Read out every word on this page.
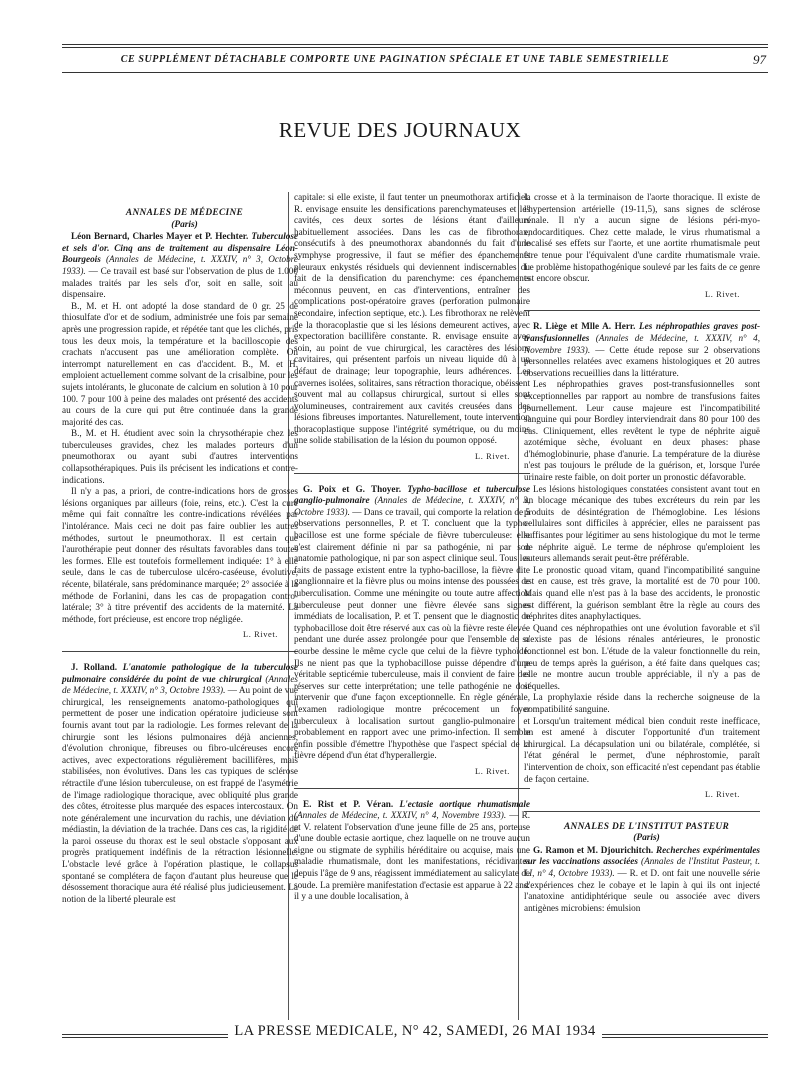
CE SUPPLÉMENT DÉTACHABLE COMPORTE UNE PAGINATION SPÉCIALE ET UNE TABLE SEMESTRIELLE	97
REVUE DES JOURNAUX

ANNALES DE MÉDECINE

(Paris)

Léon Bernard, Charles Mayer et P. Hechter. Tuberculose et sels d'or. Cinq ans de traitement au dispensaire Léon-Bourgeois (Annales de Médecine, t. XXXIV, n° 3, Octobre 1933). — Ce travail est basé sur l'observation de plus de 1.000 malades traités par les sels d'or, soit en salle, soit au dispensaire.

B., M. et H. ont adopté la dose standard de 0 gr. 25 de thiosulfate d'or et de sodium, administrée une fois par semaine après une progression rapide, et répétée tant que les clichés, pris tous les deux mois, la température et la bacilloscopie des crachats n'accusent pas une amélioration complète. On interrompt naturellement en cas d'accident. B., M. et H. emploient actuellement comme solvant de la crisalbine, pour les sujets intolérants, le gluconate de calcium en solution à 10 pour 100. 7 pour 100 à peine des malades ont présenté des accidents au cours de la cure qui put être continuée dans la grande majorité des cas.

B., M. et H. étudient avec soin la chrysothérapie chez les tuberculeuses gravides, chez les malades porteurs d'un pneumothorax ou ayant subi d'autres interventions collapsothérapiques. Puis ils précisent les indications et contre-indications.

Il n'y a pas, a priori, de contre-indications hors de grosses lésions organiques par ailleurs (foie, reins, etc.). C'est la cure même qui fait connaître les contre-indications révélées par l'intolérance. Mais ceci ne doit pas faire oublier les autres méthodes, surtout le pneumothorax. Il est certain que l'aurothérapie peut donner des résultats favorables dans toutes les formes. Elle est toutefois formellement indiquée: 1° à elle seule, dans le cas de tuberculose ulcéro-caséeuse, évolutive, récente, bilatérale, sans prédominance marquée; 2° associée à la méthode de Forlanini, dans les cas de propagation contro-latérale; 3° à titre préventif des accidents de la maternité. La méthode, fort précieuse, est encore trop négligée.

L. Rivet.

J. Rolland. L'anatomie pathologique de la tuberculose pulmonaire considérée du point de vue chirurgical (Annales de Médecine, t. XXXIV, n° 3, Octobre 1933). — Au point de vue chirurgical, les renseignements anatomo-pathologiques qui permettent de poser une indication opératoire judicieuse sont fournis avant tout par la radiologie. Les formes relevant de la chirurgie sont les lésions pulmonaires déjà anciennes, d'évolution chronique, fibreuses ou fibro-ulcéreuses encore actives, avec expectorations régulièrement bacillifères, mais stabilisées, non évolutives. Dans les cas typiques de sclérose rétractile d'une lésion tuberculeuse, on est frappé de l'asymétrie de l'image radiologique thoracique, avec obliquité plus grande des côtes, étroitesse plus marquée des espaces intercostaux. On note généralement une incurvation du rachis, une déviation du médiastin, la déviation de la trachée. Dans ces cas, la rigidité de la paroi osseuse du thorax est le seul obstacle s'opposant aux progrès pratiquement indéfinis de la rétraction lésionnelle. L'obstacle levé grâce à l'opération plastique, le collapsus spontané se complétera de façon d'autant plus heureuse que le désossement thoracique aura été réalisé plus judicieusement. La notion de la liberté pleurale est

capitale: si elle existe, il faut tenter un pneumothorax artificiel. R. envisage ensuite les densifications parenchymateuses et les cavités, ces deux sortes de lésions étant d'ailleurs habituellement associées. Dans les cas de fibrothorax, consécutifs à des pneumothorax abandonnés du fait d'une symphyse progressive, il faut se méfier des épanchements pleuraux enkystés résiduels qui deviennent indiscernables du fait de la densification du parenchyme: ces épanchements méconnus peuvent, en cas d'interventions, entraîner des complications post-opératoire graves (perforation pulmonaire secondaire, infection septique, etc.). Les fibrothorax ne relèvent de la thoracoplastie que si les lésions demeurent actives, avec expectoration bacillifère constante. R. envisage ensuite avec soin, au point de vue chirurgical, les caractères des lésions cavitaires, qui présentent parfois un niveau liquide dû à un défaut de drainage; leur topographie, leurs adhérences. Les cavernes isolées, solitaires, sans rétraction thoracique, obéissent souvent mal au collapsus chirurgical, surtout si elles sont volumineuses, contrairement aux cavités creusées dans des lésions fibreuses importantes. Naturellement, toute intervention thoracoplastique suppose l'intégrité symétrique, ou du moins une solide stabilisation de la lésion du poumon opposé.

L. Rivet.

G. Poix et G. Thoyer. Typho-bacillose et tuberculose ganglio-pulmonaire (Annales de Médecine, t. XXXIV, n° 3, Octobre 1933). — Dans ce travail, qui comporte la relation de 5 observations personnelles, P. et T. concluent que la typho-bacillose est une forme spéciale de fièvre tuberculeuse: elle n'est clairement définie ni par sa pathogénie, ni par son anatomie pathologique, ni par son aspect clinique seul. Tous les faits de passage existent entre la typho-bacillose, la fièvre dite ganglionnaire et la fièvre plus ou moins intense des poussées de tuberculisation. Comme une méningite ou toute autre affection tuberculeuse peut donner une fièvre élevée sans signes immédiats de localisation, P. et T. pensent que le diagnostic de typhobacillose doit être réservé aux cas où la fièvre reste élevée pendant une durée assez prolongée pour que l'ensemble de sa courbe dessine le même cycle que celui de la fièvre typhoïde. Ils ne nient pas que la typhobacillose puisse dépendre d'une véritable septicémie tuberculeuse, mais il convient de faire des réserves sur cette interprétation; une telle pathogénie ne doit intervenir que d'une façon exceptionnelle. En règle générale, l'examen radiologique montre précocement un foyer tuberculeux à localisation surtout ganglio-pulmonaire et probablement en rapport avec une primo-infection. Il semble enfin possible d'émettre l'hypothèse que l'aspect spécial de la fièvre dépend d'un état d'hyperallergie.

L. Rivet.

E. Rist et P. Véran. L'ectasie aortique rhumatismale (Annales de Médecine, t. XXXIV, n° 4, Novembre 1933). — R. et V. relatent l'observation d'une jeune fille de 25 ans, porteuse d'une double ectasie aortique, chez laquelle on ne trouve aucun signe ou stigmate de syphilis héréditaire ou acquise, mais une maladie rhumatismale, dont les manifestations, récidivantes depuis l'âge de 9 ans, réagissent immédiatement au salicylate de soude. La première manifestation d'ectasie est apparue à 22 ans: il y a une double localisation, à

la crosse et à la terminaison de l'aorte thoracique. Il existe de l'hypertension artérielle (19-11,5), sans signes de sclérose rénale. Il n'y a aucun signe de lésions péri-myo-endocarditiques. Chez cette malade, le virus rhumatismal a localisé ses effets sur l'aorte, et une aortite rhumatismale peut être tenue pour l'équivalent d'une cardite rhumatismale vraie. Le problème histopathogénique soulevé par les faits de ce genre est encore obscur.

L. Rivet.

R. Liège et Mlle A. Herr. Les néphropathies graves post-transfusionnelles (Annales de Médecine, t. XXXIV, n° 4, Novembre 1933). — Cette étude repose sur 2 observations personnelles relatées avec examens histologiques et 20 autres observations recueillies dans la littérature.

Les néphropathies graves post-transfusionnelles sont exceptionnelles par rapport au nombre de transfusions faites journellement. Leur cause majeure est l'incompatibilité sanguine qui pour Bordley interviendrait dans 80 pour 100 des cas. Cliniquement, elles revêtent le type de néphrite aiguë azotémique sèche, évoluant en deux phases: phase d'hémoglobinurie, phase d'anurie. La température de la diurèse n'est pas toujours le prélude de la guérison, et, lorsque l'urée urinaire reste faible, on doit porter un pronostic défavorable.

Les lésions histologiques constatées consistent avant tout en un blocage mécanique des tubes excréteurs du rein par les produits de désintégration de l'hémoglobine. Les lésions cellulaires sont difficiles à apprécier, elles ne paraissent pas suffisantes pour légitimer au sens histologique du mot le terme de néphrite aiguë. Le terme de néphrose qu'emploient les auteurs allemands serait peut-être préférable.

Le pronostic quoad vitam, quand l'incompatibilité sanguine est en cause, est très grave, la mortalité est de 70 pour 100. Mais quand elle n'est pas à la base des accidents, le pronostic est différent, la guérison semblant être la règle au cours des néphrites dites anaphylactiques.

Quand ces néphropathies ont une évolution favorable et s'il n'existe pas de lésions rénales antérieures, le pronostic fonctionnel est bon. L'étude de la valeur fonctionnelle du rein, peu de temps après la guérison, a été faite dans quelques cas; elle ne montre aucun trouble appréciable, il n'y a pas de séquelles.

La prophylaxie réside dans la recherche soigneuse de la compatibilité sanguine.

Lorsqu'un traitement médical bien conduit reste inefficace, on est amené à discuter l'opportunité d'un traitement chirurgical. La décapsulation uni ou bilatérale, complétée, si l'état général le permet, d'une néphrostomie, paraît l'intervention de choix, son efficacité n'est cependant pas établie de façon certaine.

L. Rivet.

ANNALES DE L'INSTITUT PASTEUR

(Paris)

G. Ramon et M. Djourichitch. Recherches expérimentales sur les vaccinations associées (Annales de l'Institut Pasteur, t. LI, n° 4, Octobre 1933). — R. et D. ont fait une nouvelle série d'expériences chez le cobaye et le lapin à qui ils ont injecté l'anatoxine antidiphtérique seule ou associée avec divers antigènes microbiens: émulsion

LA PRESSE MEDICALE, N° 42, SAMEDI, 26 MAI 1934
